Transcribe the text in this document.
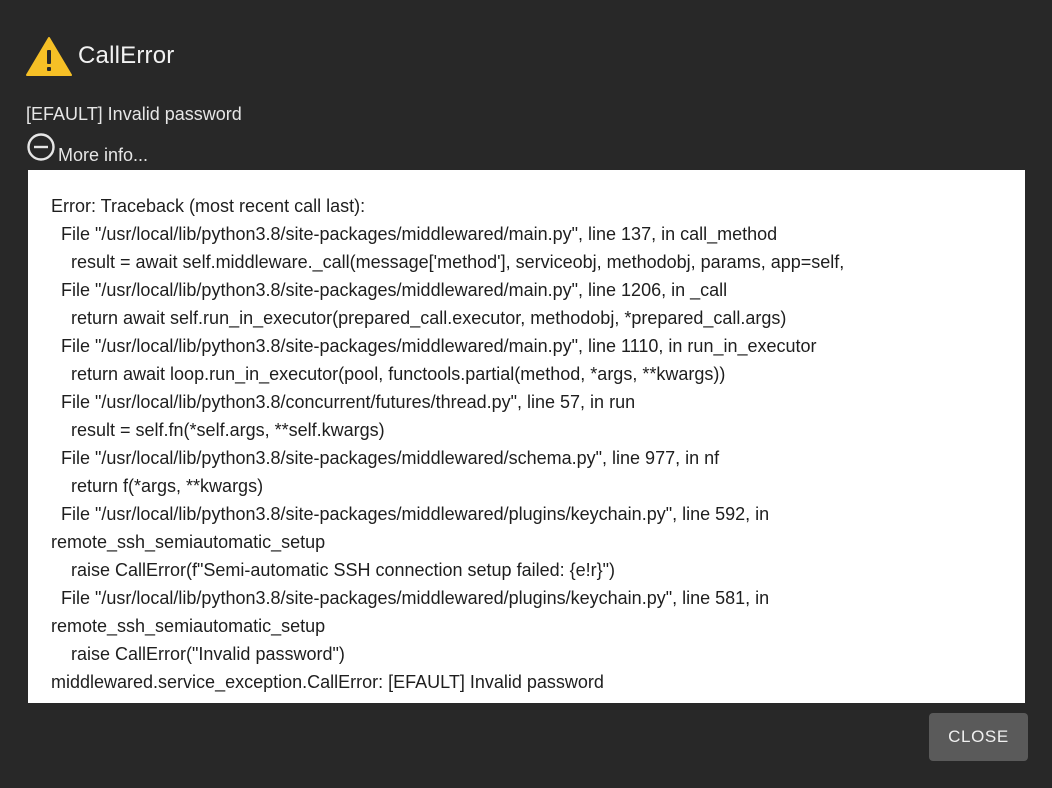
CallError
[EFAULT] Invalid password
More info...
Error: Traceback (most recent call last):
File "/usr/local/lib/python3.8/site-packages/middlewared/main.py", line 137, in call_method
result = await self.middleware._call(message['method'], serviceobj, methodobj, params, app=self,
File "/usr/local/lib/python3.8/site-packages/middlewared/main.py", line 1206, in _call
return await self.run_in_executor(prepared_call.executor, methodobj, *prepared_call.args)
File "/usr/local/lib/python3.8/site-packages/middlewared/main.py", line 1110, in run_in_executor
return await loop.run_in_executor(pool, functools.partial(method, *args, **kwargs))
File "/usr/local/lib/python3.8/concurrent/futures/thread.py", line 57, in run
result = self.fn(*self.args, **self.kwargs)
File "/usr/local/lib/python3.8/site-packages/middlewared/schema.py", line 977, in nf
return f(*args, **kwargs)
File "/usr/local/lib/python3.8/site-packages/middlewared/plugins/keychain.py", line 592, in
remote_ssh_semiautomatic_setup
raise CallError(f"Semi-automatic SSH connection setup failed: {e!r}")
File "/usr/local/lib/python3.8/site-packages/middlewared/plugins/keychain.py", line 581, in
remote_ssh_semiautomatic_setup
raise CallError("Invalid password")
middlewared.service_exception.CallError: [EFAULT] Invalid password
CLOSE
